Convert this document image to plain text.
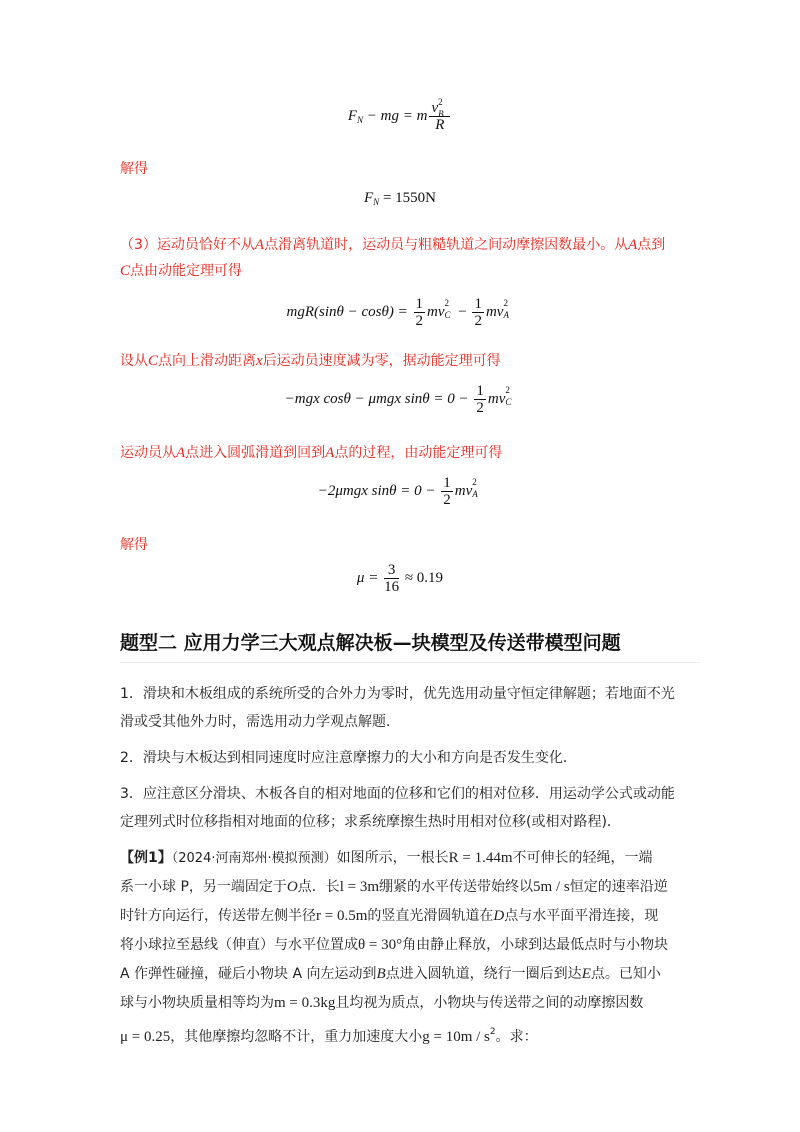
$F_N$ − mg = m v 2
B
R
解得
$F_N = 1550N$
（3）运动员恰好不从A点滑离轨道时，运动员与粗糙轨道之间动摩擦因数最小。从A点到
C点由动能定理可得
$mgR(\sin\theta - \cos\theta) = \frac{1}{2}$ mv
2
$C - \frac{1}{2}$ mv
2
A
设从C点向上滑动距离x后运动员速度减为零，据动能定理可得
−mgx cosθ − μmgx $\sin\theta = 0 - \frac{1}{2}$ mv
2
C
运动员从A点进入圆弧滑道到回到A点的过程，由动能定理可得
−2μmgx $\sin\theta = 0 - \frac{1}{2}$ mv
2
A
解得
$\mu = \frac{3}{16} \approx 0.19$
题型二 应用力学三大观点解决板—块模型及传送带模型问题
1．滑块和木板组成的系统所受的合外力为零时，优先选用动量守恒定律解题；若地面不光
滑或受其他外力时，需选用动力学观点解题．
2．滑块与木板达到相同速度时应注意摩擦力的大小和方向是否发生变化．
3．应注意区分滑块、木板各自的相对地面的位移和它们的相对位移．用运动学公式或动能
定理列式时位移指相对地面的位移；求系统摩擦生热时用相对位移(或相对路程)．
【例1】（2024·河南郑州·模拟预测）如图所示，一根长R = 1.44m不可伸长的轻绳，一端
系一小球 P，另一端固定于O点．长l = 3m绷紧的水平传送带始终以5m / s恒定的速率沿逆
时针方向运行，传送带左侧半径r = 0.5m的竖直光滑圆轨道在D点与水平面平滑连接，现
将小球拉至悬线（伸直）与水平位置成θ = 30°角由静止释放，小球到达最低点时与小物块
A 作弹性碰撞，碰后小物块 A 向左运动到B点进入圆轨道，绕行一圈后到达E点。已知小
球与小物块质量相等均为m = 0.3kg且均视为质点，小物块与传送带之间的动摩擦因数
μ = 0.25，其他摩擦均忽略不计，重力加速度大小$g = 10m / s^2$。求：
